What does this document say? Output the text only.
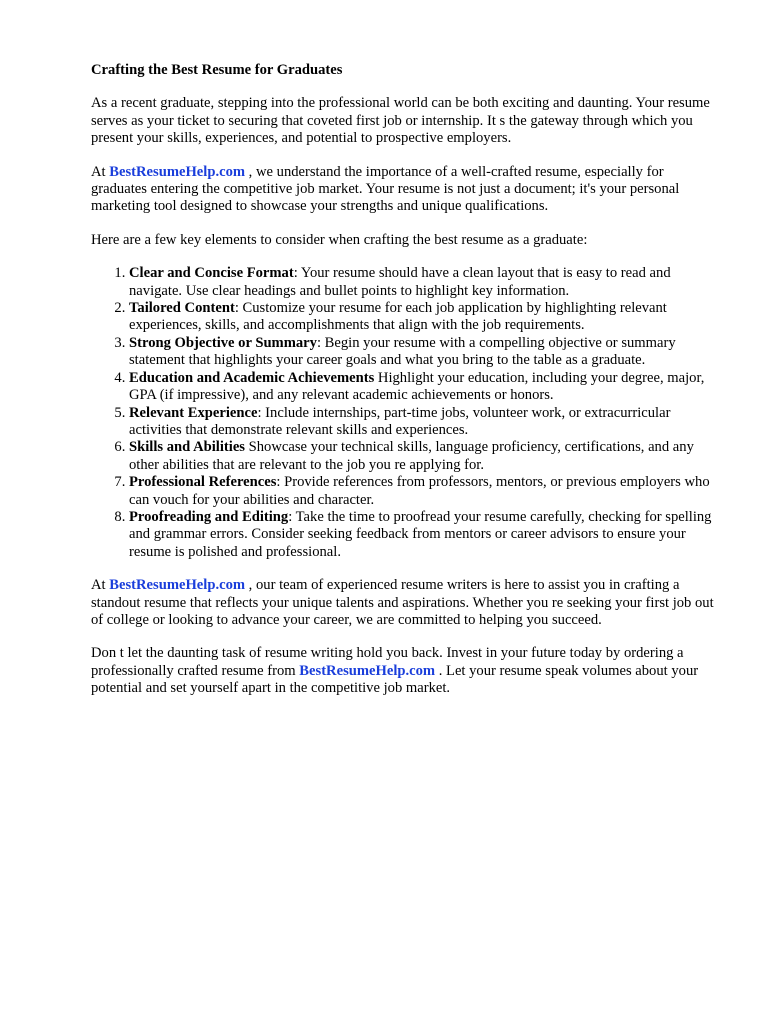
Crafting the Best Resume for Graduates

As a recent graduate, stepping into the professional world can be both exciting and daunting. Your resume serves as your ticket to securing that coveted first job or internship. It s the gateway through which you present your skills, experiences, and potential to prospective employers.

At BestResumeHelp.com , we understand the importance of a well-crafted resume, especially for graduates entering the competitive job market. Your resume is not just a document; it's your personal marketing tool designed to showcase your strengths and unique qualifications.

Here are a few key elements to consider when crafting the best resume as a graduate:

1. Clear and Concise Format: Your resume should have a clean layout that is easy to read and navigate. Use clear headings and bullet points to highlight key information.
2. Tailored Content: Customize your resume for each job application by highlighting relevant experiences, skills, and accomplishments that align with the job requirements.
3. Strong Objective or Summary: Begin your resume with a compelling objective or summary statement that highlights your career goals and what you bring to the table as a graduate.
4. Education and Academic Achievements Highlight your education, including your degree, major, GPA (if impressive), and any relevant academic achievements or honors.
5. Relevant Experience: Include internships, part-time jobs, volunteer work, or extracurricular activities that demonstrate relevant skills and experiences.
6. Skills and Abilities Showcase your technical skills, language proficiency, certifications, and any other abilities that are relevant to the job you re applying for.
7. Professional References: Provide references from professors, mentors, or previous employers who can vouch for your abilities and character.
8. Proofreading and Editing: Take the time to proofread your resume carefully, checking for spelling and grammar errors. Consider seeking feedback from mentors or career advisors to ensure your resume is polished and professional.

At BestResumeHelp.com , our team of experienced resume writers is here to assist you in crafting a standout resume that reflects your unique talents and aspirations. Whether you re seeking your first job out of college or looking to advance your career, we are committed to helping you succeed.

Don t let the daunting task of resume writing hold you back. Invest in your future today by ordering a professionally crafted resume from BestResumeHelp.com . Let your resume speak volumes about your potential and set yourself apart in the competitive job market.
